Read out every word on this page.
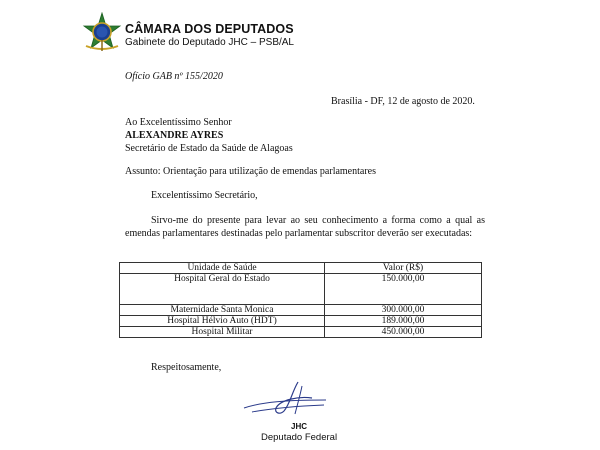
CÂMARA DOS DEPUTADOS
Gabinete do Deputado JHC – PSB/AL
Ofício GAB nº 155/2020
Brasília - DF, 12 de agosto de 2020.
Ao Excelentíssimo Senhor
ALEXANDRE AYRES
Secretário de Estado da Saúde de Alagoas
Assunto: Orientação para utilização de emendas parlamentares
Excelentíssimo Secretário,
Sirvo-me do presente para levar ao seu conhecimento a forma como a qual as emendas parlamentares destinadas pelo parlamentar subscritor deverão ser executadas:
Unidade de Saúde	Valor (R$)
Hospital Geral do Estado	150.000,00
Maternidade Santa Monica	300.000,00
Hospital Hélvio Auto (HDT)	189.000,00
Hospital Militar	450.000,00
Respeitosamente,
JHC
Deputado Federal
